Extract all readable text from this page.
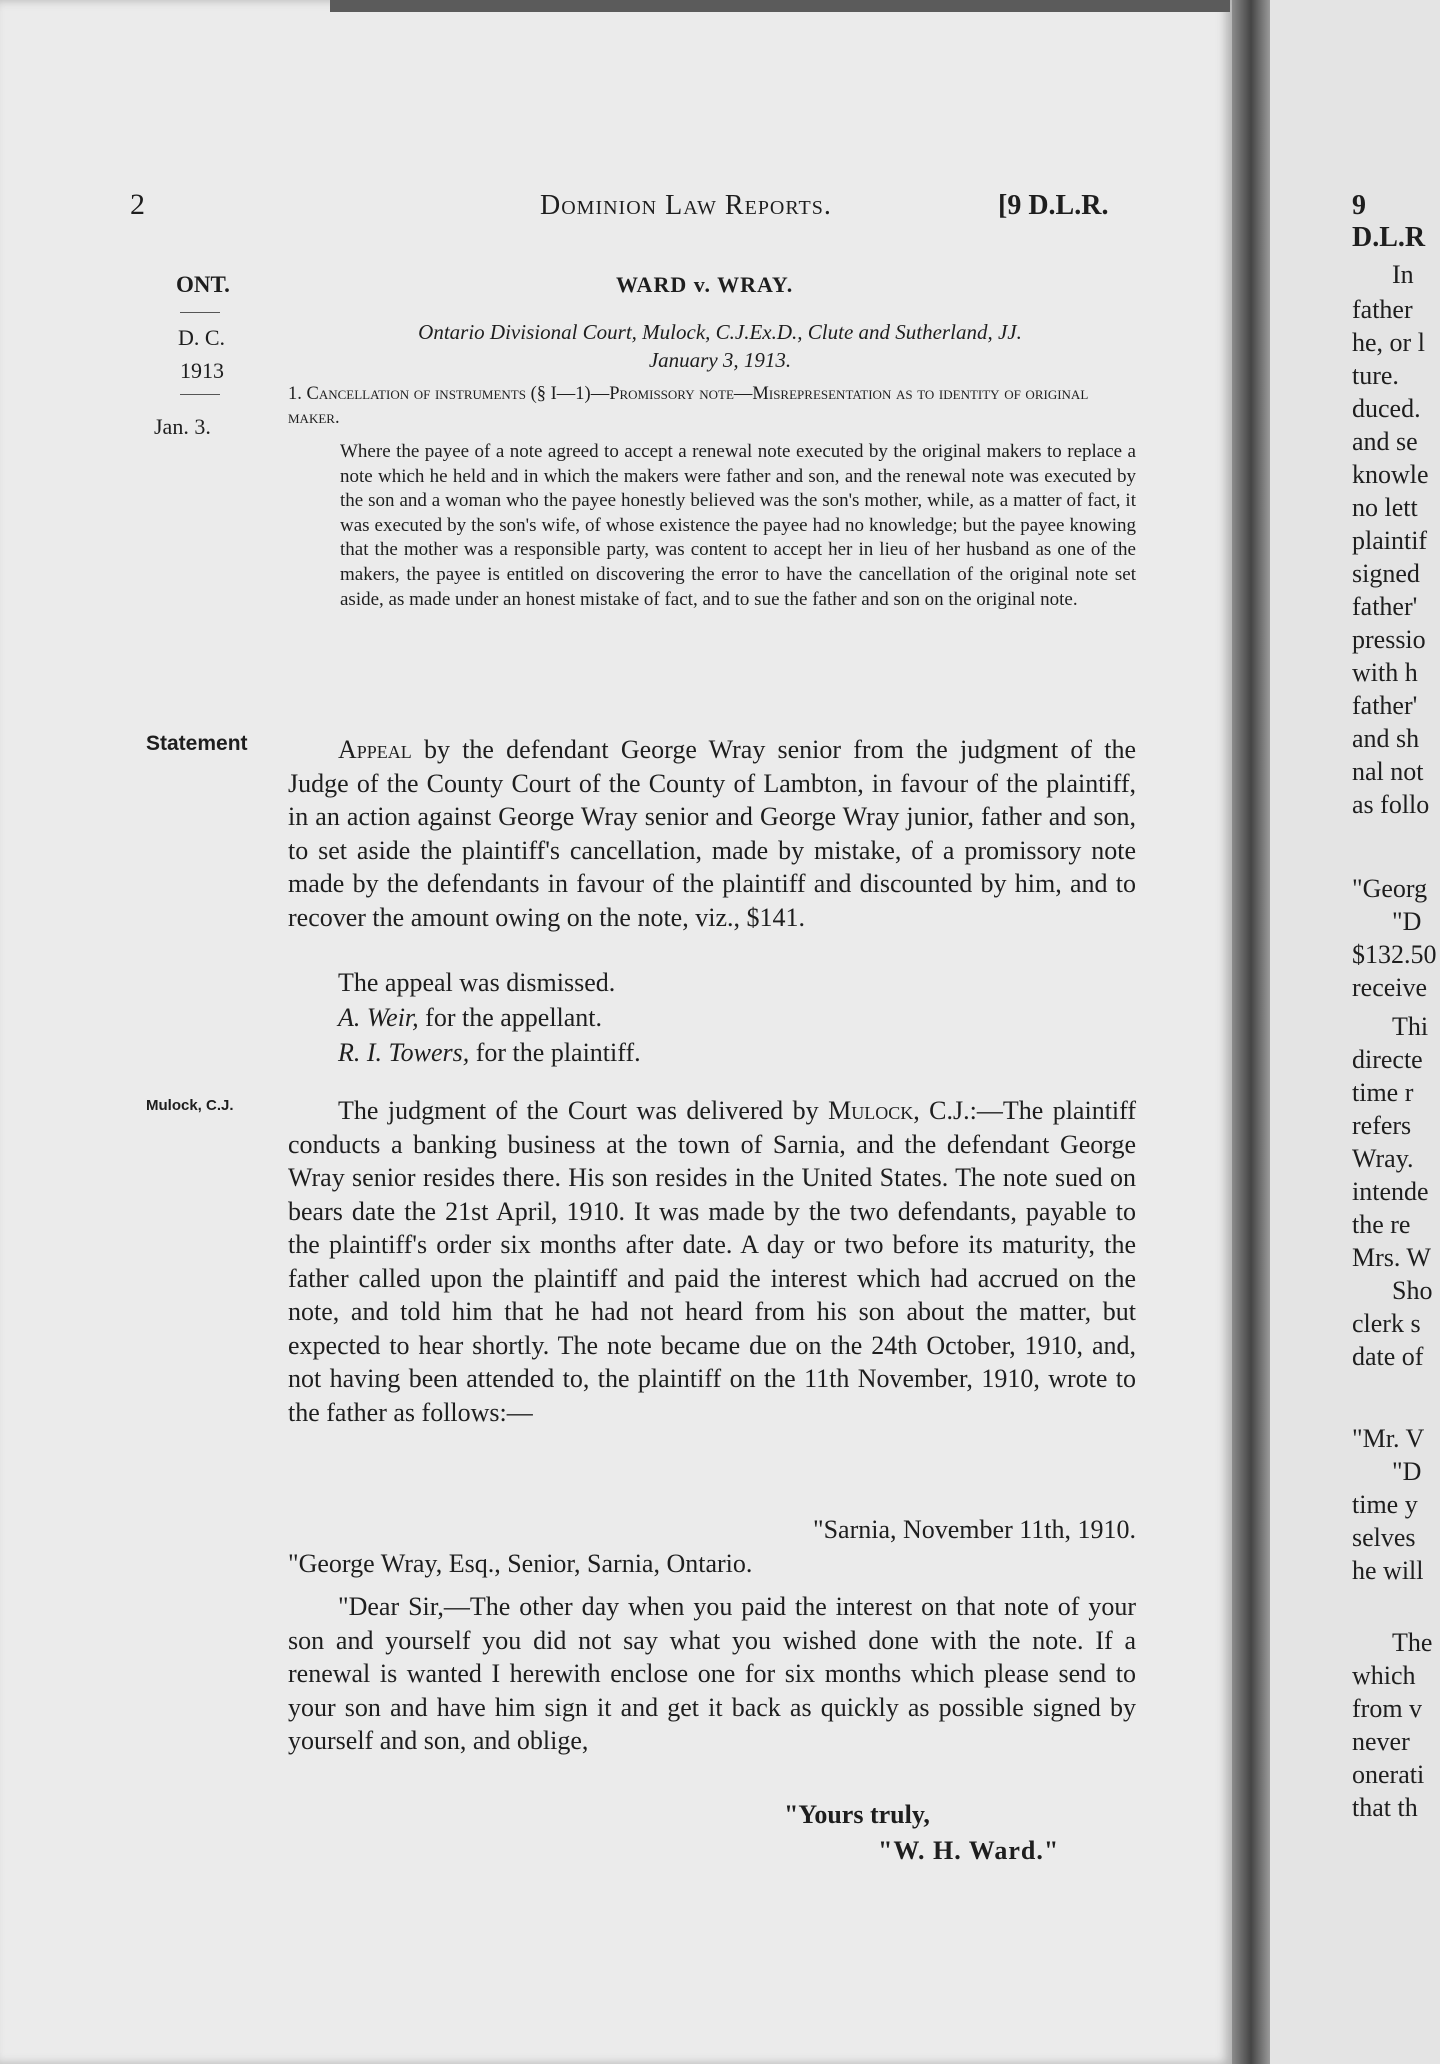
2	Dominion Law Reports.	[9 D.L.R.
ONT.
D. C.
1913
Jan. 3.
Statement
Mulock, C.J.
WARD v. WRAY.
Ontario Divisional Court, Mulock, C.J.Ex.D., Clute and Sutherland, JJ.
January 3, 1913.
1. Cancellation of instruments (§ I—1)—Promissory note—Misrepresentation as to identity of original maker.
Where the payee of a note agreed to accept a renewal note executed by the original makers to replace a note which he held and in which the makers were father and son, and the renewal note was executed by the son and a woman who the payee honestly believed was the son's mother, while, as a matter of fact, it was executed by the son's wife, of whose existence the payee had no knowledge; but the payee knowing that the mother was a responsible party, was content to accept her in lieu of her husband as one of the makers, the payee is entitled on discovering the error to have the cancellation of the original note set aside, as made under an honest mistake of fact, and to sue the father and son on the original note.
Appeal by the defendant George Wray senior from the judgment of the Judge of the County Court of the County of Lambton, in favour of the plaintiff, in an action against George Wray senior and George Wray junior, father and son, to set aside the plaintiff's cancellation, made by mistake, of a promissory note made by the defendants in favour of the plaintiff and discounted by him, and to recover the amount owing on the note, viz., $141.
The appeal was dismissed.
A. Weir, for the appellant.
R. I. Towers, for the plaintiff.
The judgment of the Court was delivered by Mulock, C.J.:—The plaintiff conducts a banking business at the town of Sarnia, and the defendant George Wray senior resides there. His son resides in the United States. The note sued on bears date the 21st April, 1910. It was made by the two defendants, payable to the plaintiff's order six months after date. A day or two before its maturity, the father called upon the plaintiff and paid the interest which had accrued on the note, and told him that he had not heard from his son about the matter, but expected to hear shortly. The note became due on the 24th October, 1910, and, not having been attended to, the plaintiff on the 11th November, 1910, wrote to the father as follows:—
"Sarnia, November 11th, 1910.
"George Wray, Esq., Senior, Sarnia, Ontario.
"Dear Sir,—The other day when you paid the interest on that note of your son and yourself you did not say what you wished done with the note. If a renewal is wanted I herewith enclose one for six months which please send to your son and have him sign it and get it back as quickly as possible signed by yourself and son, and oblige,
"Yours truly,
"W. H. Ward."
9 D.L.R
In
father
he, or l
ture.
duced.
and se
knowle
no lett
plaintif
signed
father'
pressio
with h
father'
and sh
nal not
as follo
"Georg
"D
$132.50
receive
Thi
directe
time r
refers
Wray.
intende
the re
Mrs. W
Sho
clerk s
date of
"Mr. V
"D
time y
selves
he will
The
which
from v
never
onerati
that th
